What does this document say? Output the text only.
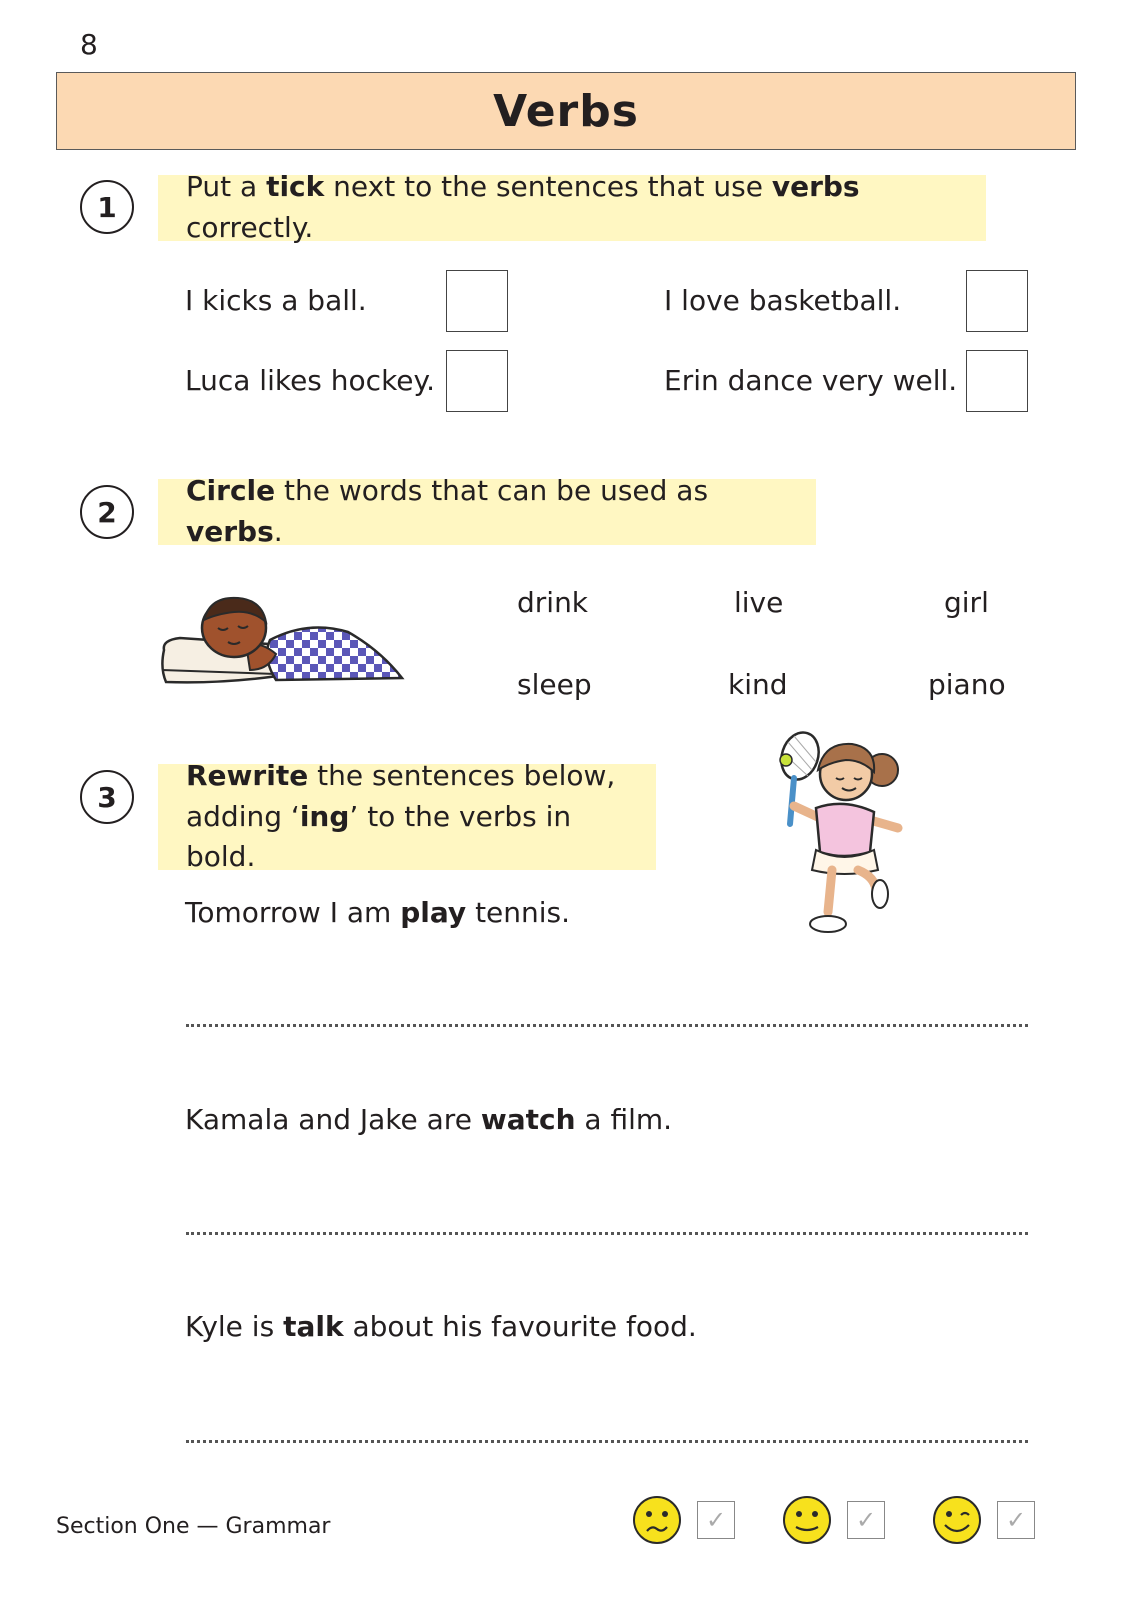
8
Verbs
1
Put a tick next to the sentences that use verbs correctly.
I kicks a ball.	I love basketball.
Luca likes hockey.	Erin dance very well.
2
Circle the words that can be used as verbs.
drink	live	girl
sleep	kind	piano
3
Rewrite the sentences below,
adding ‘ing’ to the verbs in bold.
Tomorrow I am play tennis.
Kamala and Jake are watch a film.
Kyle is talk about his favourite food.
Section One — Grammar	✓	✓	✓
